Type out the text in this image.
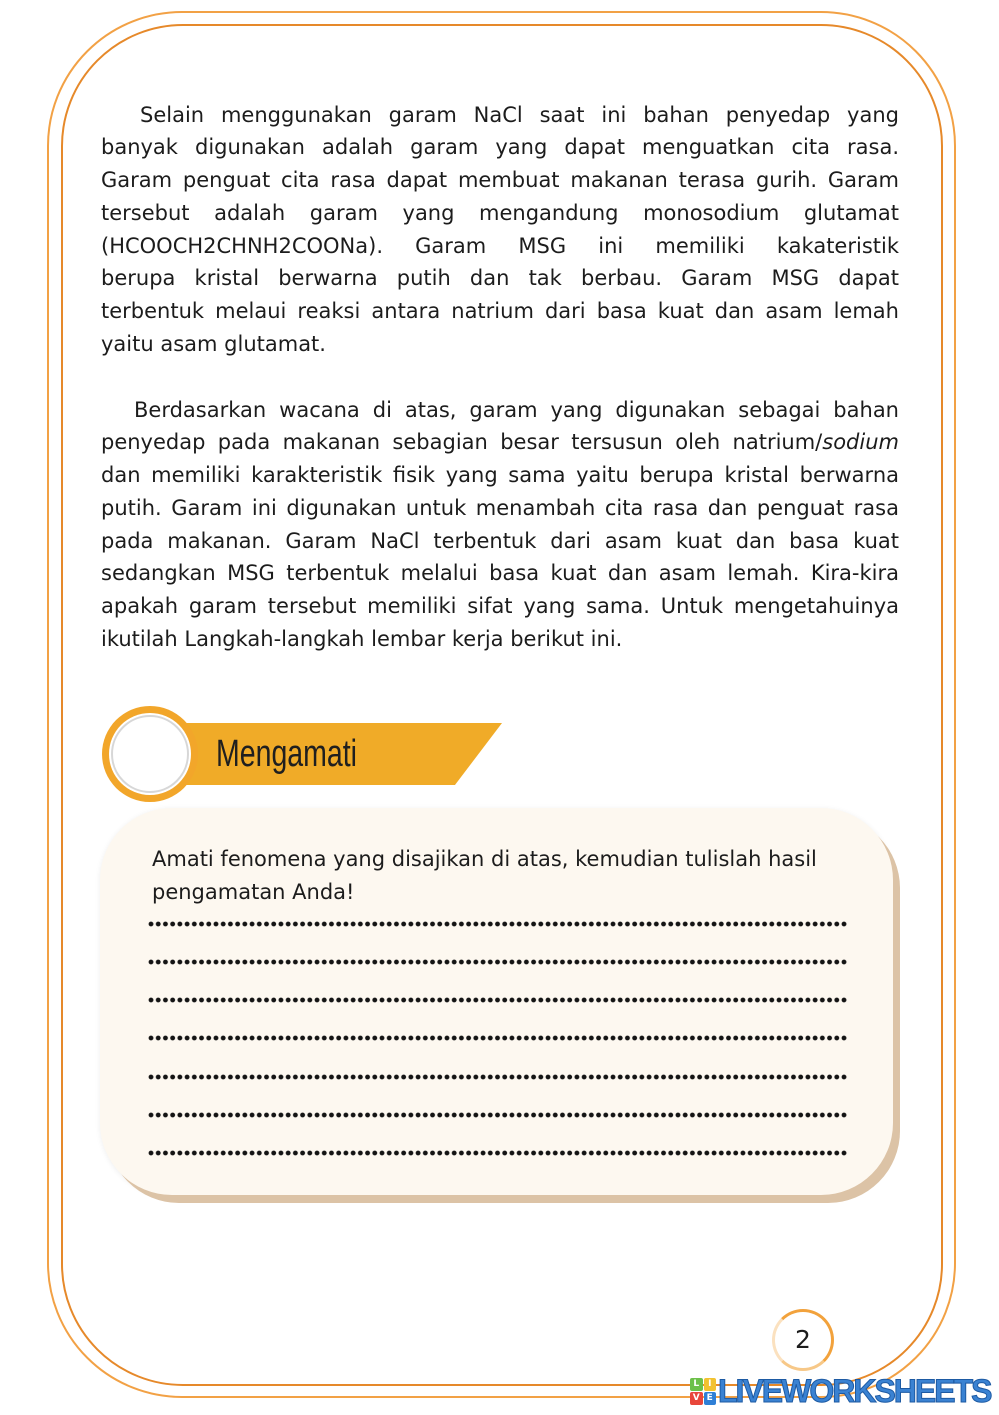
Selain menggunakan garam NaCl saat ini bahan penyedap yang
banyak digunakan adalah garam yang dapat menguatkan cita rasa.
Garam penguat cita rasa dapat membuat makanan terasa gurih. Garam
tersebut adalah garam yang mengandung monosodium glutamat
(HCOOCH2CHNH2COONa). Garam MSG ini memiliki kakateristik
berupa kristal berwarna putih dan tak berbau. Garam MSG dapat
terbentuk melaui reaksi antara natrium dari basa kuat dan asam lemah
yaitu asam glutamat.
Berdasarkan wacana di atas, garam yang digunakan sebagai bahan
penyedap pada makanan sebagian besar tersusun oleh natrium/sodium
dan memiliki karakteristik fisik yang sama yaitu berupa kristal berwarna
putih. Garam ini digunakan untuk menambah cita rasa dan penguat rasa
pada makanan. Garam NaCl terbentuk dari asam kuat dan basa kuat
sedangkan MSG terbentuk melalui basa kuat dan asam lemah. Kira-kira
apakah garam tersebut memiliki sifat yang sama. Untuk mengetahuinya
ikutilah Langkah-langkah lembar kerja berikut ini.
Mengamati
Amati fenomena yang disajikan di atas, kemudian tulislah hasil
pengamatan Anda!
2
L I
V E LIVEWORKSHEETS
